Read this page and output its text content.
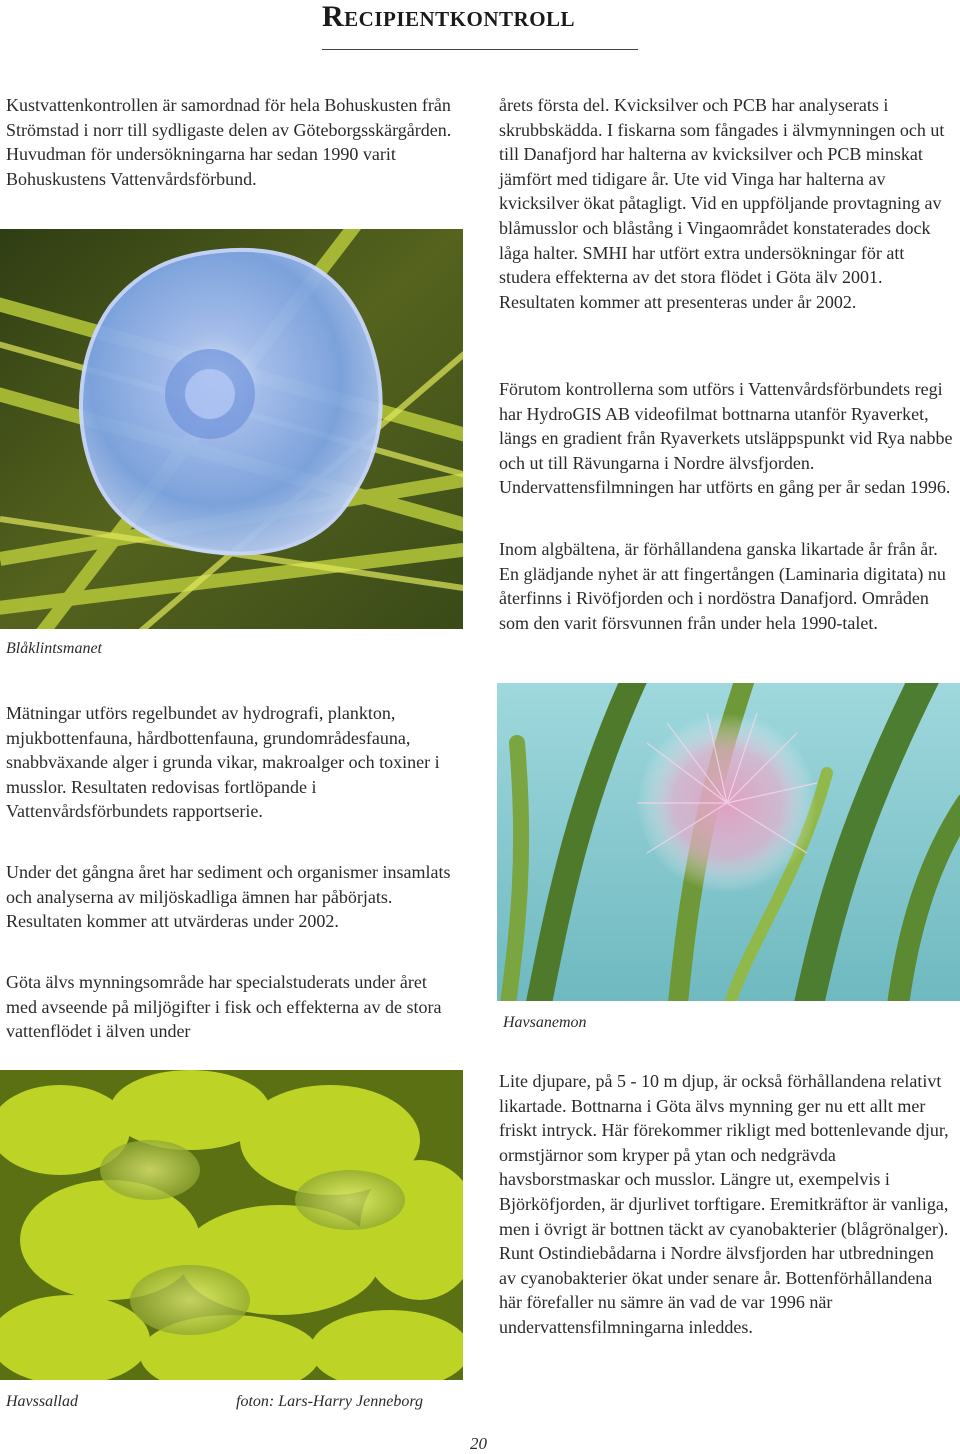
Recipientkontroll

Kustvattenkontrollen är samordnad för hela Bohuskusten från Strömstad i norr till sydligaste delen av Göteborgsskärgården. Huvudman för undersökningarna har sedan 1990 varit Bohuskustens Vattenvårdsförbund.

Blåklintsmanet

Mätningar utförs regelbundet av hydrografi, plankton, mjukbottenfauna, hårdbottenfauna, grundområdesfauna, snabbväxande alger i grunda vikar, makroalger och toxiner i musslor. Resultaten redovisas fortlöpande i Vattenvårdsförbundets rapportserie.

Under det gångna året har sediment och organismer insamlats och analyserna av miljöskadliga ämnen har påbörjats. Resultaten kommer att utvärderas under 2002.

Göta älvs mynningsområde har specialstuderats under året med avseende på miljögifter i fisk och effekterna av de stora vattenflödet i älven under

Havssallad	foton: Lars-Harry Jenneborg

årets första del. Kvicksilver och PCB har analyserats i skrubbskädda. I fiskarna som fångades i älvmynningen och ut till Danafjord har halterna av kvicksilver och PCB minskat jämfört med tidigare år. Ute vid Vinga har halterna av kvicksilver ökat påtagligt. Vid en uppföljande provtagning av blåmusslor och blåstång i Vingaområdet konstaterades dock låga halter. SMHI har utfört extra undersökningar för att studera effekterna av det stora flödet i Göta älv 2001. Resultaten kommer att presenteras under år 2002.

Förutom kontrollerna som utförs i Vattenvårdsförbundets regi har HydroGIS AB videofilmat bottnarna utanför Ryaverket, längs en gradient från Ryaverkets utsläppspunkt vid Rya nabbe och ut till Rävungarna i Nordre älvsfjorden. Undervattensfilmningen har utförts en gång per år sedan 1996.

Inom algbältena, är förhållandena ganska likartade år från år. En glädjande nyhet är att fingertången (Laminaria digitata) nu återfinns i Rivöfjorden och i nordöstra Danafjord. Områden som den varit försvunnen från under hela 1990-talet.

Havsanemon

Lite djupare, på 5 - 10 m djup, är också förhållandena relativt likartade. Bottnarna i Göta älvs mynning ger nu ett allt mer friskt intryck. Här förekommer rikligt med bottenlevande djur, ormstjärnor som kryper på ytan och nedgrävda havsborstmaskar och musslor. Längre ut, exempelvis i Björköfjorden, är djurlivet torftigare. Eremitkräftor är vanliga, men i övrigt är bottnen täckt av cyanobakterier (blågrönalger). Runt Ostindiebådarna i Nordre älvsfjorden har utbredningen av cyanobakterier ökat under senare år. Bottenförhållandena här förefaller nu sämre än vad de var 1996 när undervattensfilmningarna inleddes.

20
